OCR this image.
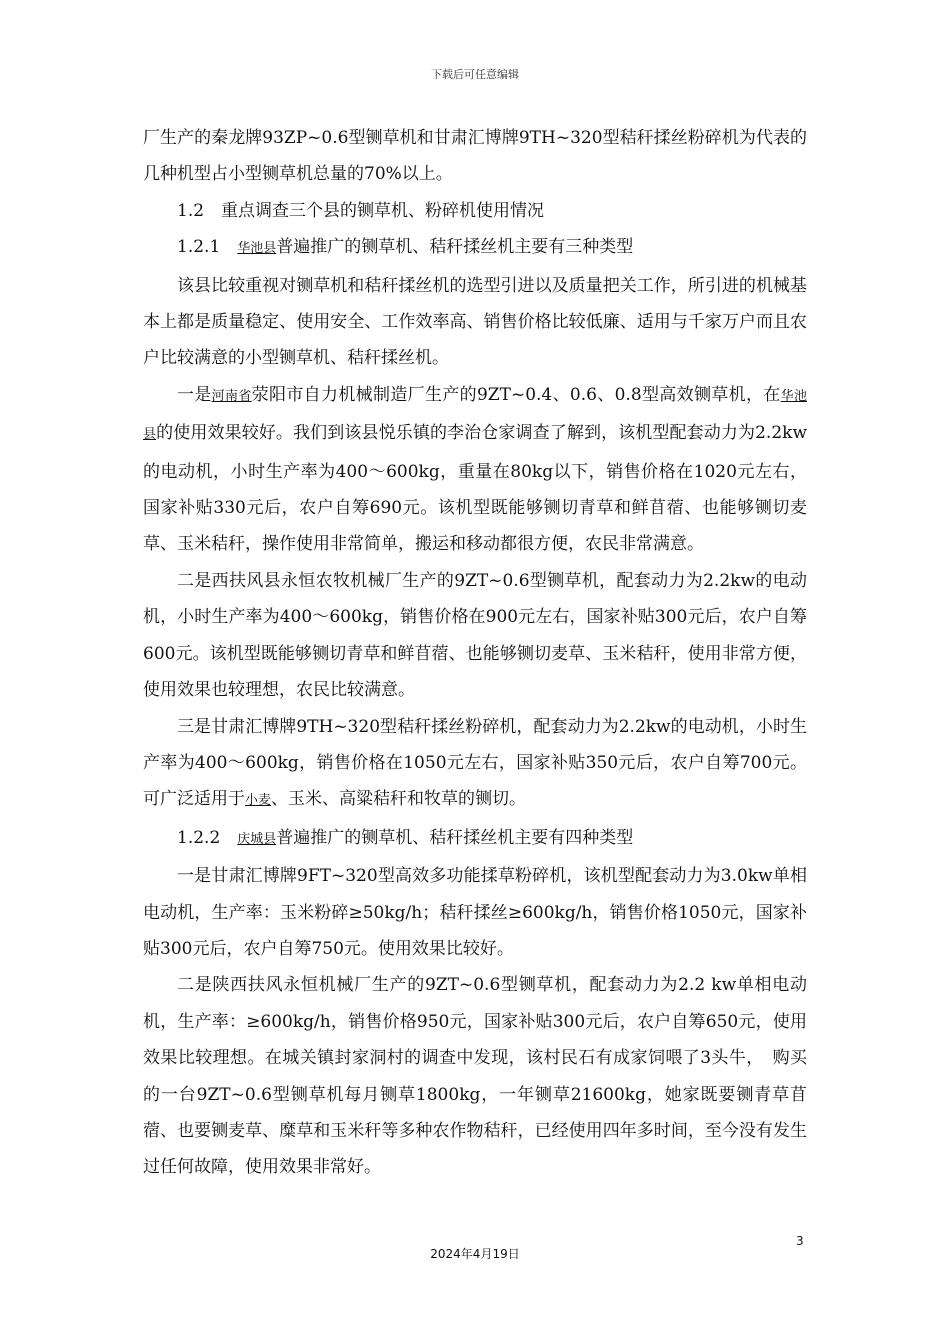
下载后可任意编辑

厂生产的秦龙牌93ZP~0.6型铡草机和甘肃汇博牌9TH~320型秸秆揉丝粉碎机为代表的几种机型占小型铡草机总量的70%以上。

1.2　重点调查三个县的铡草机、粉碎机使用情况

1.2.1　华池县普遍推广的铡草机、秸秆揉丝机主要有三种类型

该县比较重视对铡草机和秸秆揉丝机的选型引进以及质量把关工作，所引进的机械基本上都是质量稳定、使用安全、工作效率高、销售价格比较低廉、适用与千家万户而且农户比较满意的小型铡草机、秸秆揉丝机。

一是河南省荥阳市自力机械制造厂生产的9ZT~0.4、0.6、0.8型高效铡草机，在华池县的使用效果较好。我们到该县悦乐镇的李治仓家调查了解到，该机型配套动力为2.2kw的电动机，小时生产率为400～600kg，重量在80kg以下，销售价格在1020元左右，国家补贴330元后，农户自筹690元。该机型既能够铡切青草和鲜苜蓿、也能够铡切麦草、玉米秸秆，操作使用非常简单，搬运和移动都很方便，农民非常满意。

二是西扶风县永恒农牧机械厂生产的9ZT~0.6型铡草机，配套动力为2.2kw的电动机，小时生产率为400～600kg，销售价格在900元左右，国家补贴300元后，农户自筹600元。该机型既能够铡切青草和鲜苜蓿、也能够铡切麦草、玉米秸秆，使用非常方便，使用效果也较理想，农民比较满意。

三是甘肃汇博牌9TH~320型秸秆揉丝粉碎机，配套动力为2.2kw的电动机，小时生产率为400～600kg，销售价格在1050元左右，国家补贴350元后，农户自筹700元。可广泛适用于小麦、玉米、高粱秸秆和牧草的铡切。

1.2.2　庆城县普遍推广的铡草机、秸秆揉丝机主要有四种类型

一是甘肃汇博牌9FT~320型高效多功能揉草粉碎机，该机型配套动力为3.0kw单相电动机，生产率：玉米粉碎≥50kg/h；秸秆揉丝≥600kg/h，销售价格1050元，国家补贴300元后，农户自筹750元。使用效果比较好。

二是陕西扶风永恒机械厂生产的9ZT~0.6型铡草机，配套动力为2.2 kw单相电动机，生产率：≥600kg/h，销售价格950元，国家补贴300元后，农户自筹650元，使用效果比较理想。在城关镇封家洞村的调查中发现，该村民石有成家饲喂了3头牛，　购买的一台9ZT~0.6型铡草机每月铡草1800kg，一年铡草21600kg，她家既要铡青草苜蓿、也要铡麦草、糜草和玉米秆等多种农作物秸秆，已经使用四年多时间，至今没有发生过任何故障，使用效果非常好。

3
2024年4月19日
